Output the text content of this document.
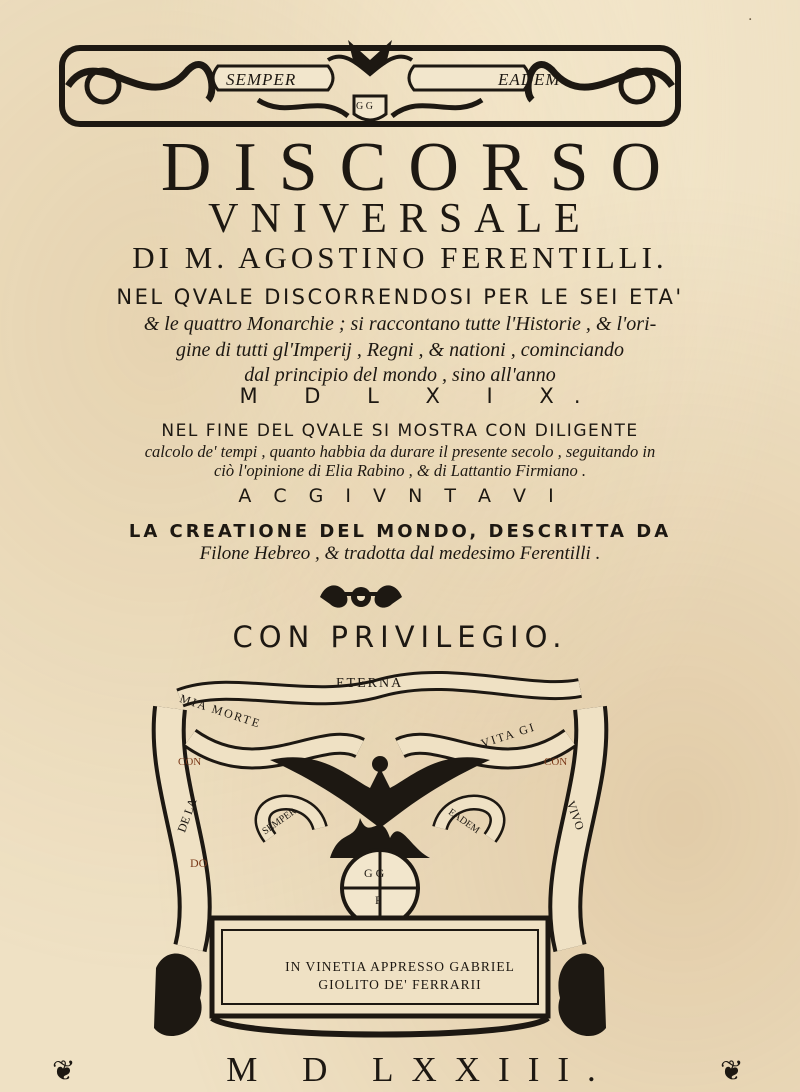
.
SEMPER	EADEM
G G
DISCORSO
VNIVERSALE
DI M. AGOSTINO FERENTILLI.
NEL QVALE DISCORRENDOSI PER LE SEI ETA'
& le quattro Monarchie ; si raccontano tutte l'Historie , & l'ori-
gine di tutti gl'Imperij , Regni , & nationi , cominciando
dal principio del mondo , sino all'anno
M D L X I X.
NEL FINE DEL QVALE SI MOSTRA CON DILIGENTE
calcolo de' tempi , quanto habbia da durare il presente secolo , seguitando in
ciò l'opinione di Elia Rabino , & di Lattantio Firmiano .
A C G I V N T A V I
LA CREATIONE DEL MONDO, DESCRITTA DA
Filone Hebreo , & tradotta dal medesimo Ferentilli .
CON PRIVILEGIO.
ETERNA
MIA MORTE
VITA GI
CON	CON
DE LA	VIVO
DO
SEMPER	EADEM
G G
F
IN VINETIA APPRESSO GABRIEL
GIOLITO DE' FERRARII
❦	❦
M D LXXIII.
